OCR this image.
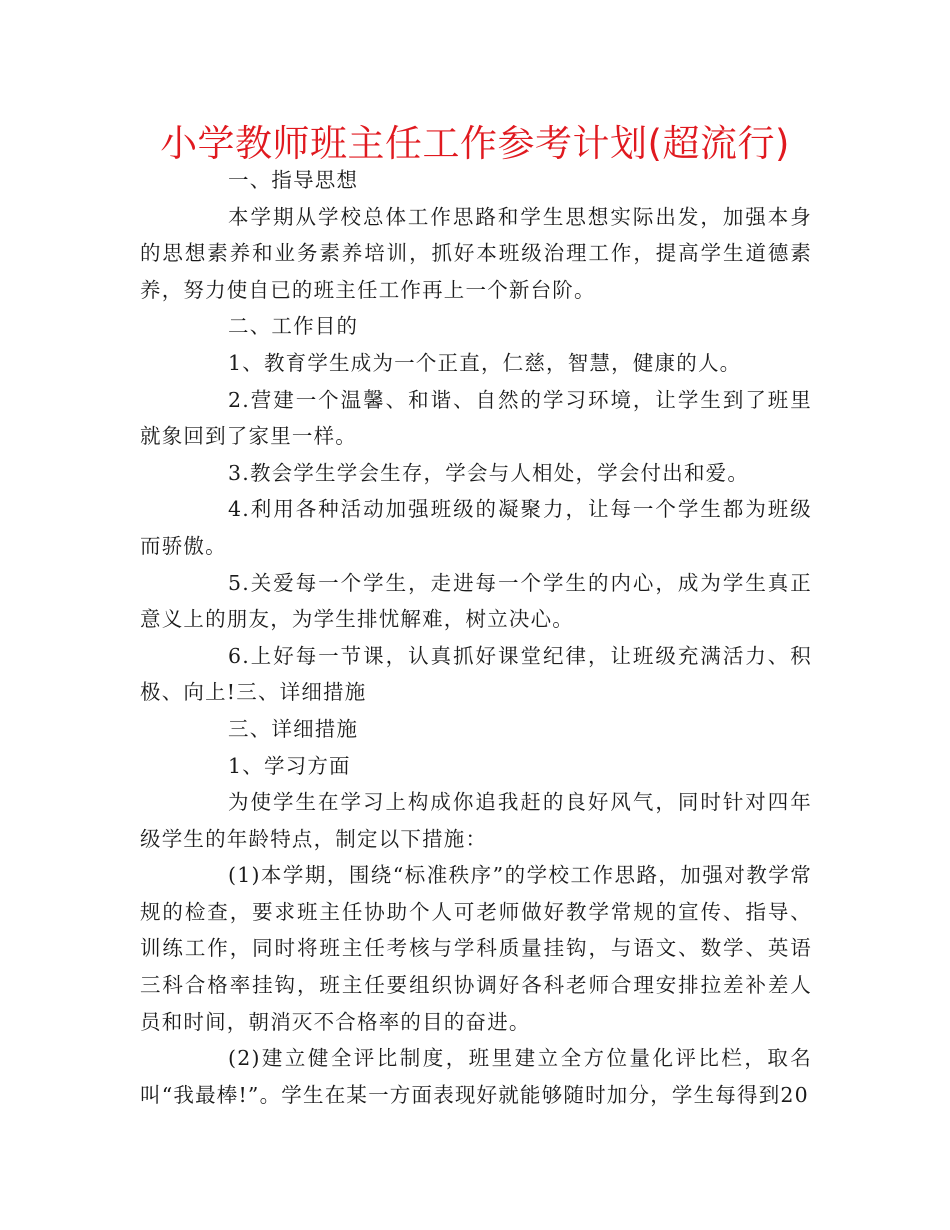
小学教师班主任工作参考计划(超流行)

一、指导思想

本学期从学校总体工作思路和学生思想实际出发，加强本身的思想素养和业务素养培训，抓好本班级治理工作，提高学生道德素养，努力使自已的班主任工作再上一个新台阶。

二、工作目的

1、教育学生成为一个正直，仁慈，智慧，健康的人。

2.营建一个温馨、和谐、自然的学习环境，让学生到了班里就象回到了家里一样。

3.教会学生学会生存，学会与人相处，学会付出和爱。

4.利用各种活动加强班级的凝聚力，让每一个学生都为班级而骄傲。

5.关爱每一个学生，走进每一个学生的内心，成为学生真正意义上的朋友，为学生排忧解难，树立决心。

6.上好每一节课，认真抓好课堂纪律，让班级充满活力、积极、向上!三、详细措施

三、详细措施

1、学习方面

为使学生在学习上构成你追我赶的良好风气，同时针对四年级学生的年龄特点，制定以下措施：

(1)本学期，围绕“标准秩序”的学校工作思路，加强对教学常规的检查，要求班主任协助个人可老师做好教学常规的宣传、指导、训练工作，同时将班主任考核与学科质量挂钩，与语文、数学、英语三科合格率挂钩，班主任要组织协调好各科老师合理安排拉差补差人员和时间，朝消灭不合格率的目的奋进。

(2)建立健全评比制度，班里建立全方位量化评比栏，取名叫“我最棒!”。学生在某一方面表现好就能够随时加分，学生每得到20
